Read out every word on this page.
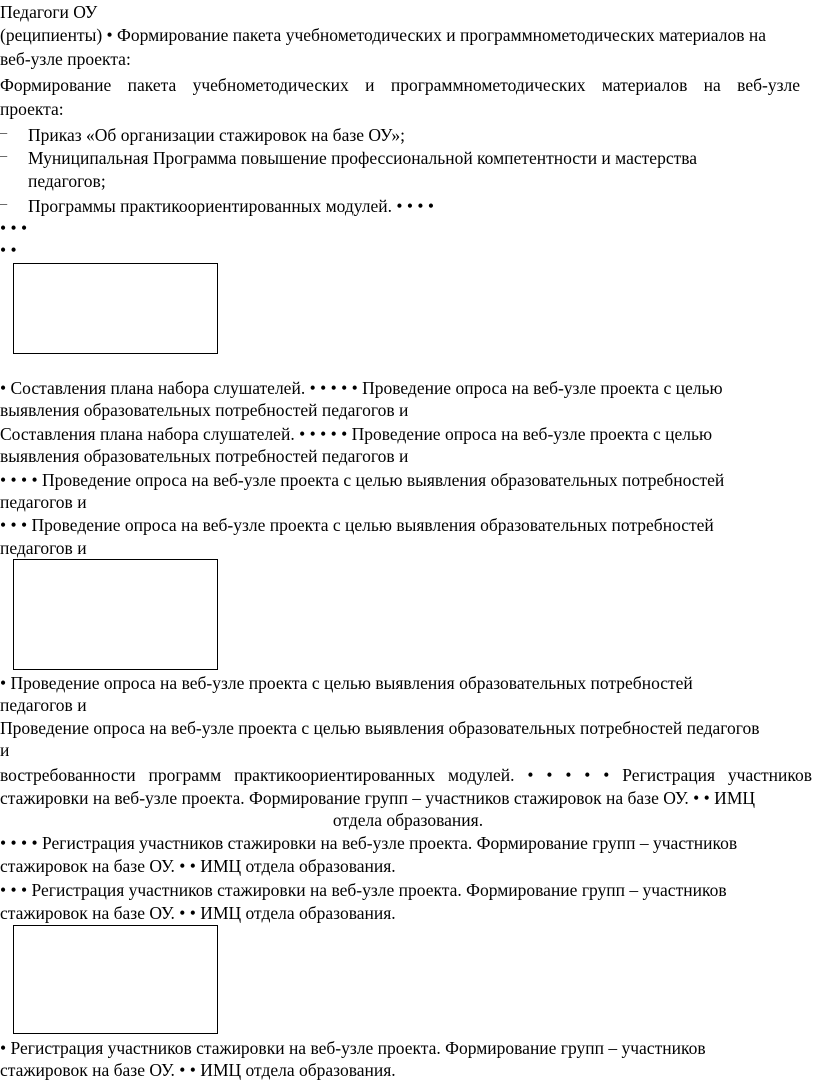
Педагоги ОУ
(реципиенты) • Формирование пакета учебнометодических и программнометодических материалов на
веб-узле проекта:
Формирование пакета учебнометодических и программнометодических материалов на веб-узле
проекта:
– Приказ «Об организации стажировок на базе ОУ»;
– Муниципальная Программа повышение профессиональной компетентности и мастерства
педагогов;
– Программы практикоориентированных модулей. • • • •
• • •
• •
• Составления плана набора слушателей. • • • • • Проведение опроса на веб-узле проекта с целью
выявления образовательных потребностей педагогов и
Составления плана набора слушателей. • • • • • Проведение опроса на веб-узле проекта с целью
выявления образовательных потребностей педагогов и
• • • • Проведение опроса на веб-узле проекта с целью выявления образовательных потребностей
педагогов и
• • • Проведение опроса на веб-узле проекта с целью выявления образовательных потребностей
педагогов и
• Проведение опроса на веб-узле проекта с целью выявления образовательных потребностей
педагогов и
Проведение опроса на веб-узле проекта с целью выявления образовательных потребностей педагогов
и
востребованности программ практикоориентированных модулей. • • • • • Регистрация участников
стажировки на веб-узле проекта. Формирование групп – участников стажировок на базе ОУ. • • ИМЦ
отдела образования.
• • • • Регистрация участников стажировки на веб-узле проекта. Формирование групп – участников
стажировок на базе ОУ. • • ИМЦ отдела образования.
• • • Регистрация участников стажировки на веб-узле проекта. Формирование групп – участников
стажировок на базе ОУ. • • ИМЦ отдела образования.
• Регистрация участников стажировки на веб-узле проекта. Формирование групп – участников
стажировок на базе ОУ. • • ИМЦ отдела образования.
